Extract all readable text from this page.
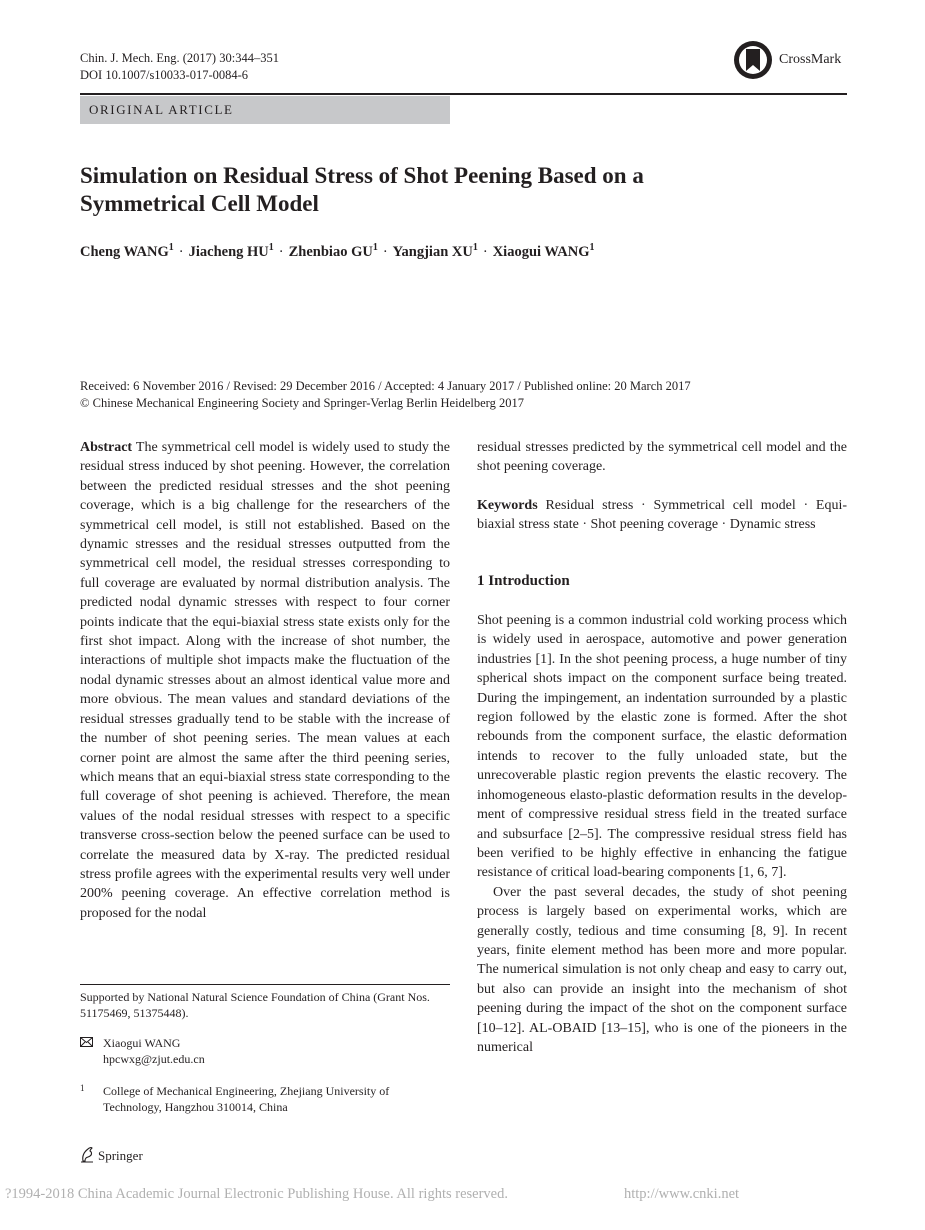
Chin. J. Mech. Eng. (2017) 30:344–351
DOI 10.1007/s10033-017-0084-6
CrossMark
ORIGINAL ARTICLE
Simulation on Residual Stress of Shot Peening Based on a Symmetrical Cell Model
Cheng $WANG^1$ · Jiacheng $HU^1$ · Zhenbiao $GU^1$ · Yangjian $XU^1$ · Xiaogui WANG$^1$
Received: 6 November 2016 / Revised: 29 December 2016 / Accepted: 4 January 2017 / Published online: 20 March 2017
© Chinese Mechanical Engineering Society and Springer-Verlag Berlin Heidelberg 2017

Abstract The symmetrical cell model is widely used to study the residual stress induced by shot peening. However, the correlation between the predicted residual stresses and the shot peening coverage, which is a big challenge for the researchers of the symmetrical cell model, is still not established. Based on the dynamic stresses and the residual stresses outputted from the symmetrical cell model, the residual stresses corresponding to full coverage are evaluated by normal distribution analysis. The predicted nodal dynamic stresses with respect to four corner points indicate that the equi-biaxial stress state exists only for the first shot impact. Along with the increase of shot number, the interactions of multiple shot impacts make the fluctuation of the nodal dynamic stresses about an almost identical value more and more obvious. The mean values and standard deviations of the residual stresses gradually tend to be stable with the increase of the number of shot peening series. The mean values at each corner point are almost the same after the third peening series, which means that an equi-biaxial stress state corresponding to the full coverage of shot peening is achieved. Therefore, the mean values of the nodal residual stresses with respect to a specific transverse cross-section below the peened surface can be used to correlate the measured data by X-ray. The predicted residual stress profile agrees with the experimental results very well under 200% peening coverage. An effective correlation method is proposed for the nodal

residual stresses predicted by the symmetrical cell model and the shot peening coverage.

Keywords Residual stress · Symmetrical cell model · Equi-biaxial stress state · Shot peening coverage · Dynamic stress

1 Introduction

Shot peening is a common industrial cold working process which is widely used in aerospace, automotive and power generation industries [1]. In the shot peening process, a huge number of tiny spherical shots impact on the component surface being treated. During the impingement, an indentation surrounded by a plastic region followed by the elastic zone is formed. After the shot rebounds from the component surface, the elastic deformation intends to recover to the fully unloaded state, but the unrecoverable plastic region prevents the elastic recovery. The inhomogeneous elasto-plastic deformation results in the development of compressive residual stress field in the treated surface and subsurface [2–5]. The compressive residual stress field has been verified to be highly effective in enhancing the fatigue resistance of critical load-bearing components [1, 6, 7].

Over the past several decades, the study of shot peening process is largely based on experimental works, which are generally costly, tedious and time consuming [8, 9]. In recent years, finite element method has been more and more popular. The numerical simulation is not only cheap and easy to carry out, but also can provide an insight into the mechanism of shot peening during the impact of the shot on the component surface [10–12]. AL-OBAID [13–15], who is one of the pioneers in the numerical

Supported by National Natural Science Foundation of China (Grant Nos. 51175469, 51375448).
Xiaogui WANG
hpcwxg@zjut.edu.cn
1 College of Mechanical Engineering, Zhejiang University of Technology, Hangzhou 310014, China
Springer
?1994-2018 China Academic Journal Electronic Publishing House. All rights reserved.	http://www.cnki.net
